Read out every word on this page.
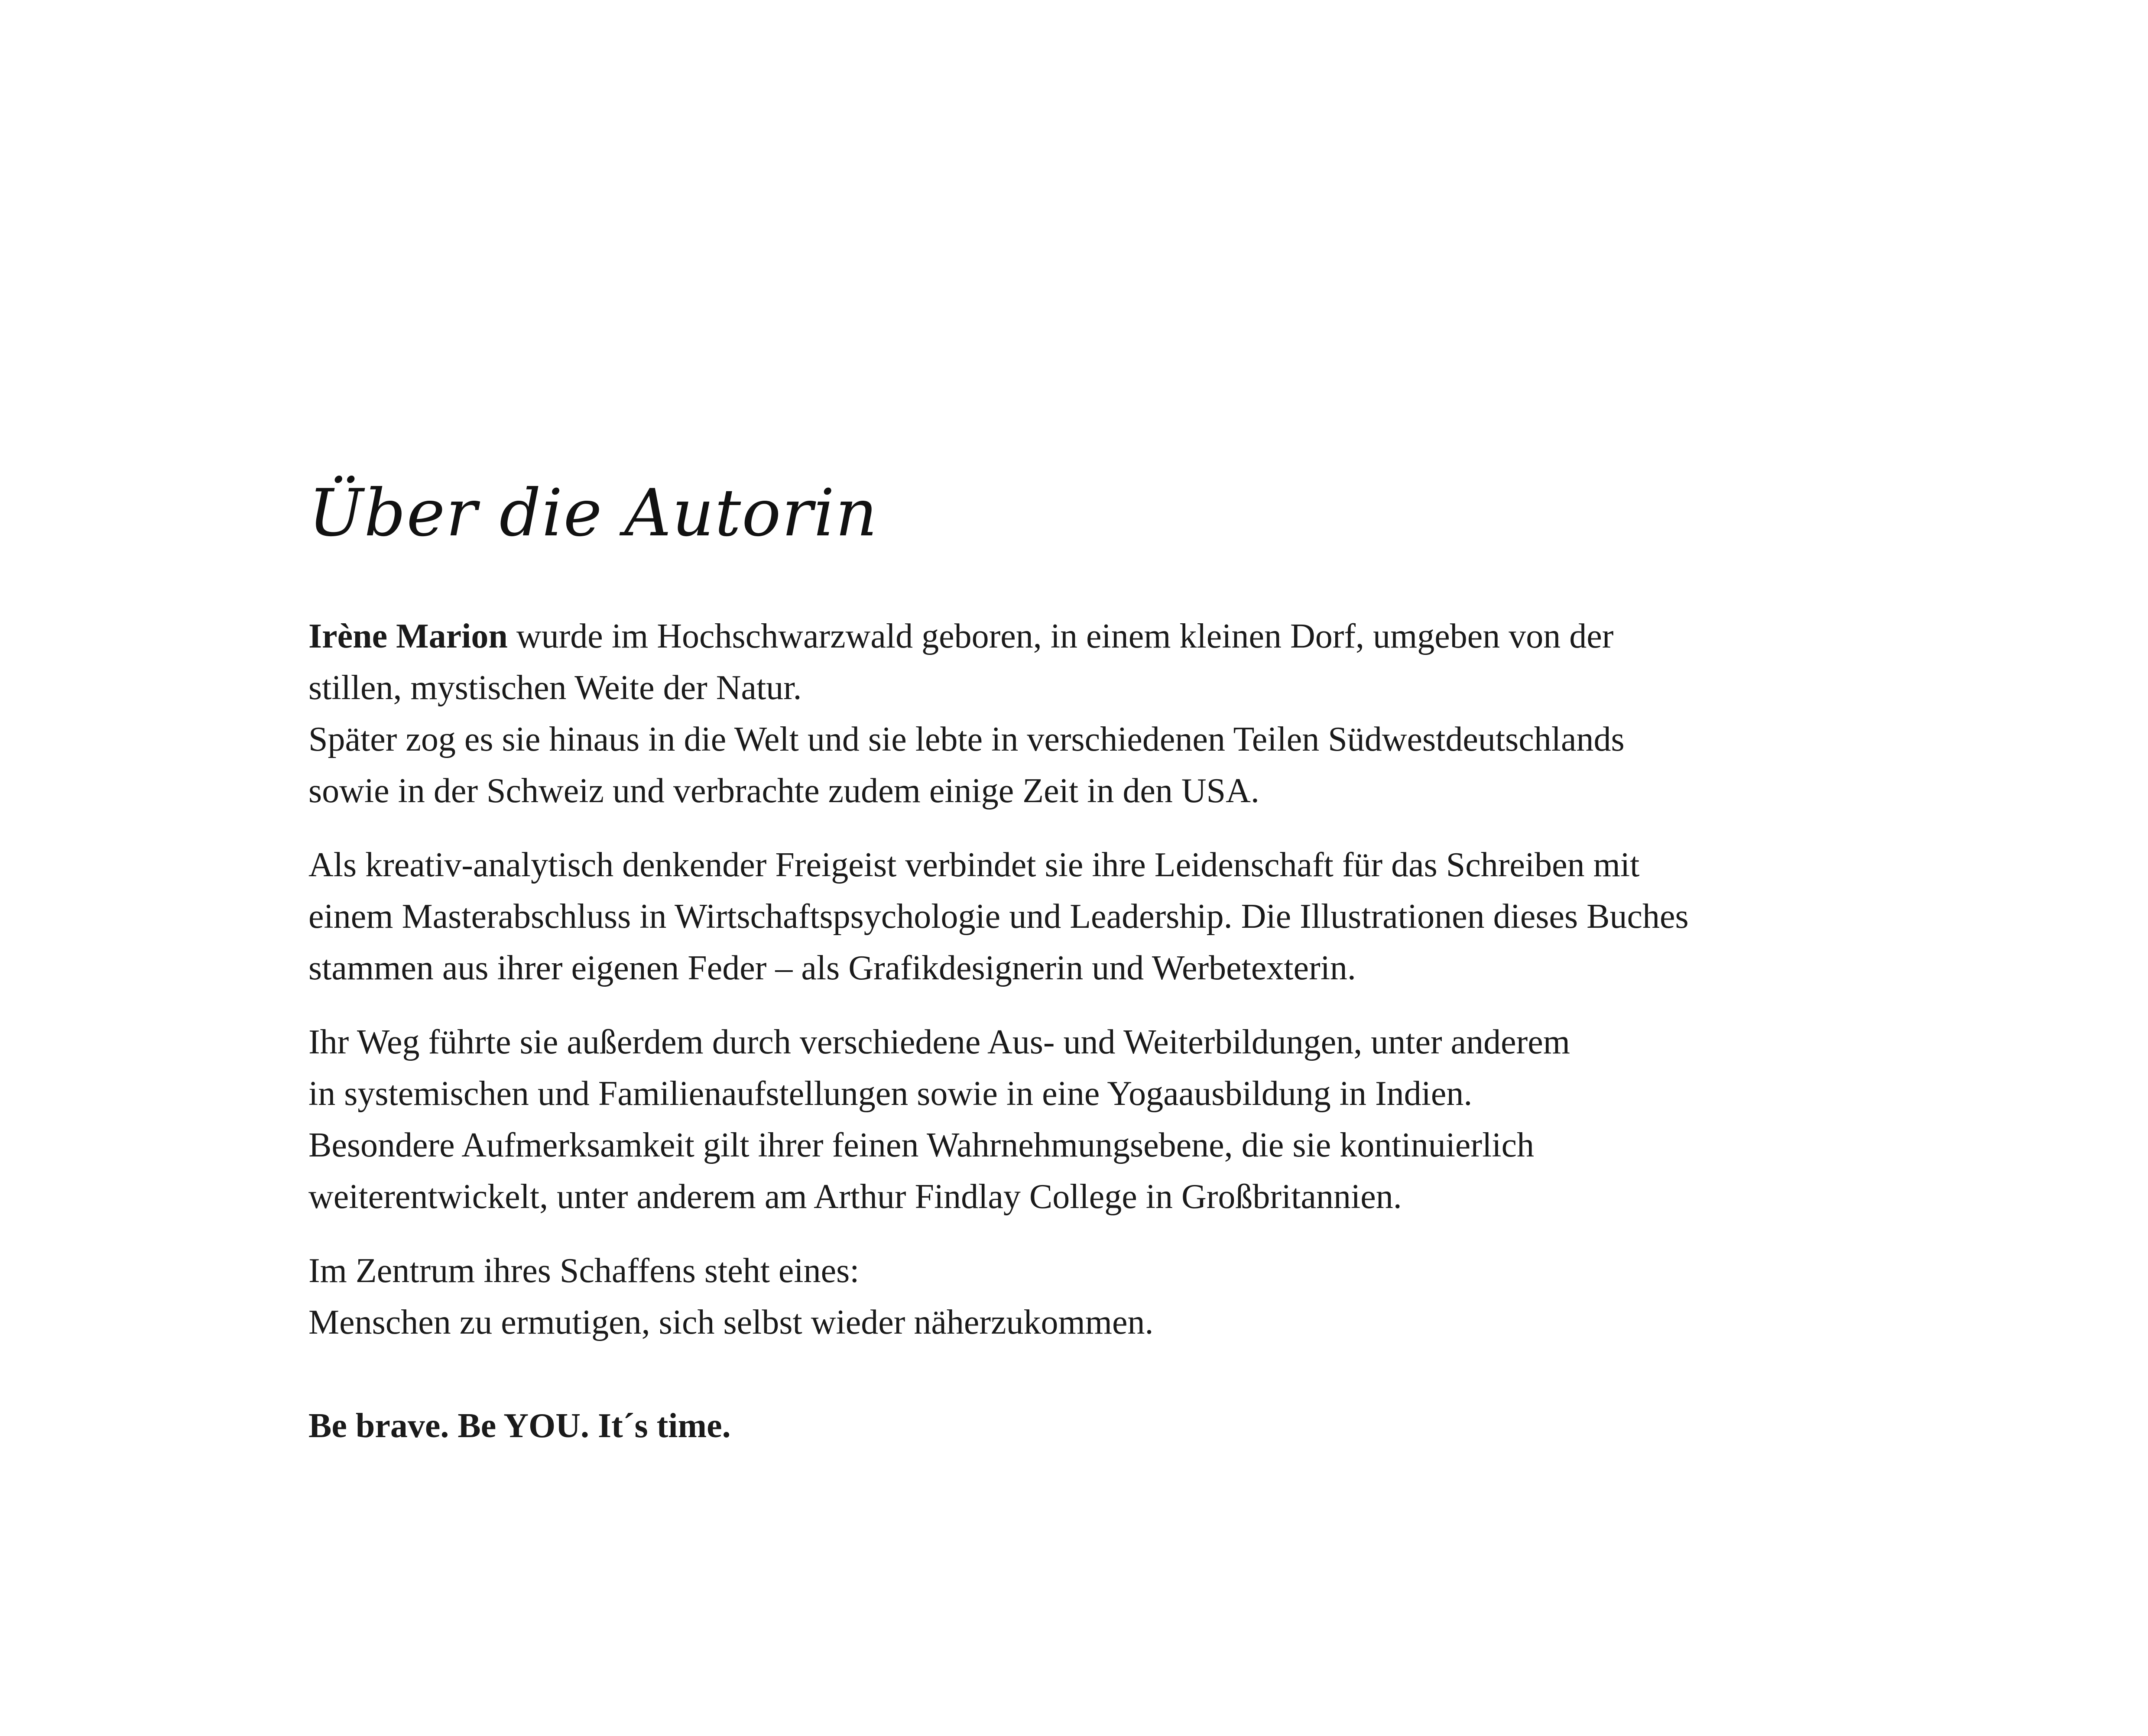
Über die Autorin

Irène Marion wurde im Hochschwarzwald geboren, in einem kleinen Dorf, umgeben von der
stillen, mystischen Weite der Natur.
Später zog es sie hinaus in die Welt und sie lebte in verschiedenen Teilen Südwestdeutschlands
sowie in der Schweiz und verbrachte zudem einige Zeit in den USA.

Als kreativ-analytisch denkender Freigeist verbindet sie ihre Leidenschaft für das Schreiben mit
einem Masterabschluss in Wirtschaftspsychologie und Leadership. Die Illustrationen dieses Buches
stammen aus ihrer eigenen Feder – als Grafikdesignerin und Werbetexterin.

Ihr Weg führte sie außerdem durch verschiedene Aus- und Weiterbildungen, unter anderem
in systemischen und Familienaufstellungen sowie in eine Yogaausbildung in Indien.
Besondere Aufmerksamkeit gilt ihrer feinen Wahrnehmungsebene, die sie kontinuierlich
weiterentwickelt, unter anderem am Arthur Findlay College in Großbritannien.

Im Zentrum ihres Schaffens steht eines:
Menschen zu ermutigen, sich selbst wieder näherzukommen.

Be brave. Be YOU. It´s time.
